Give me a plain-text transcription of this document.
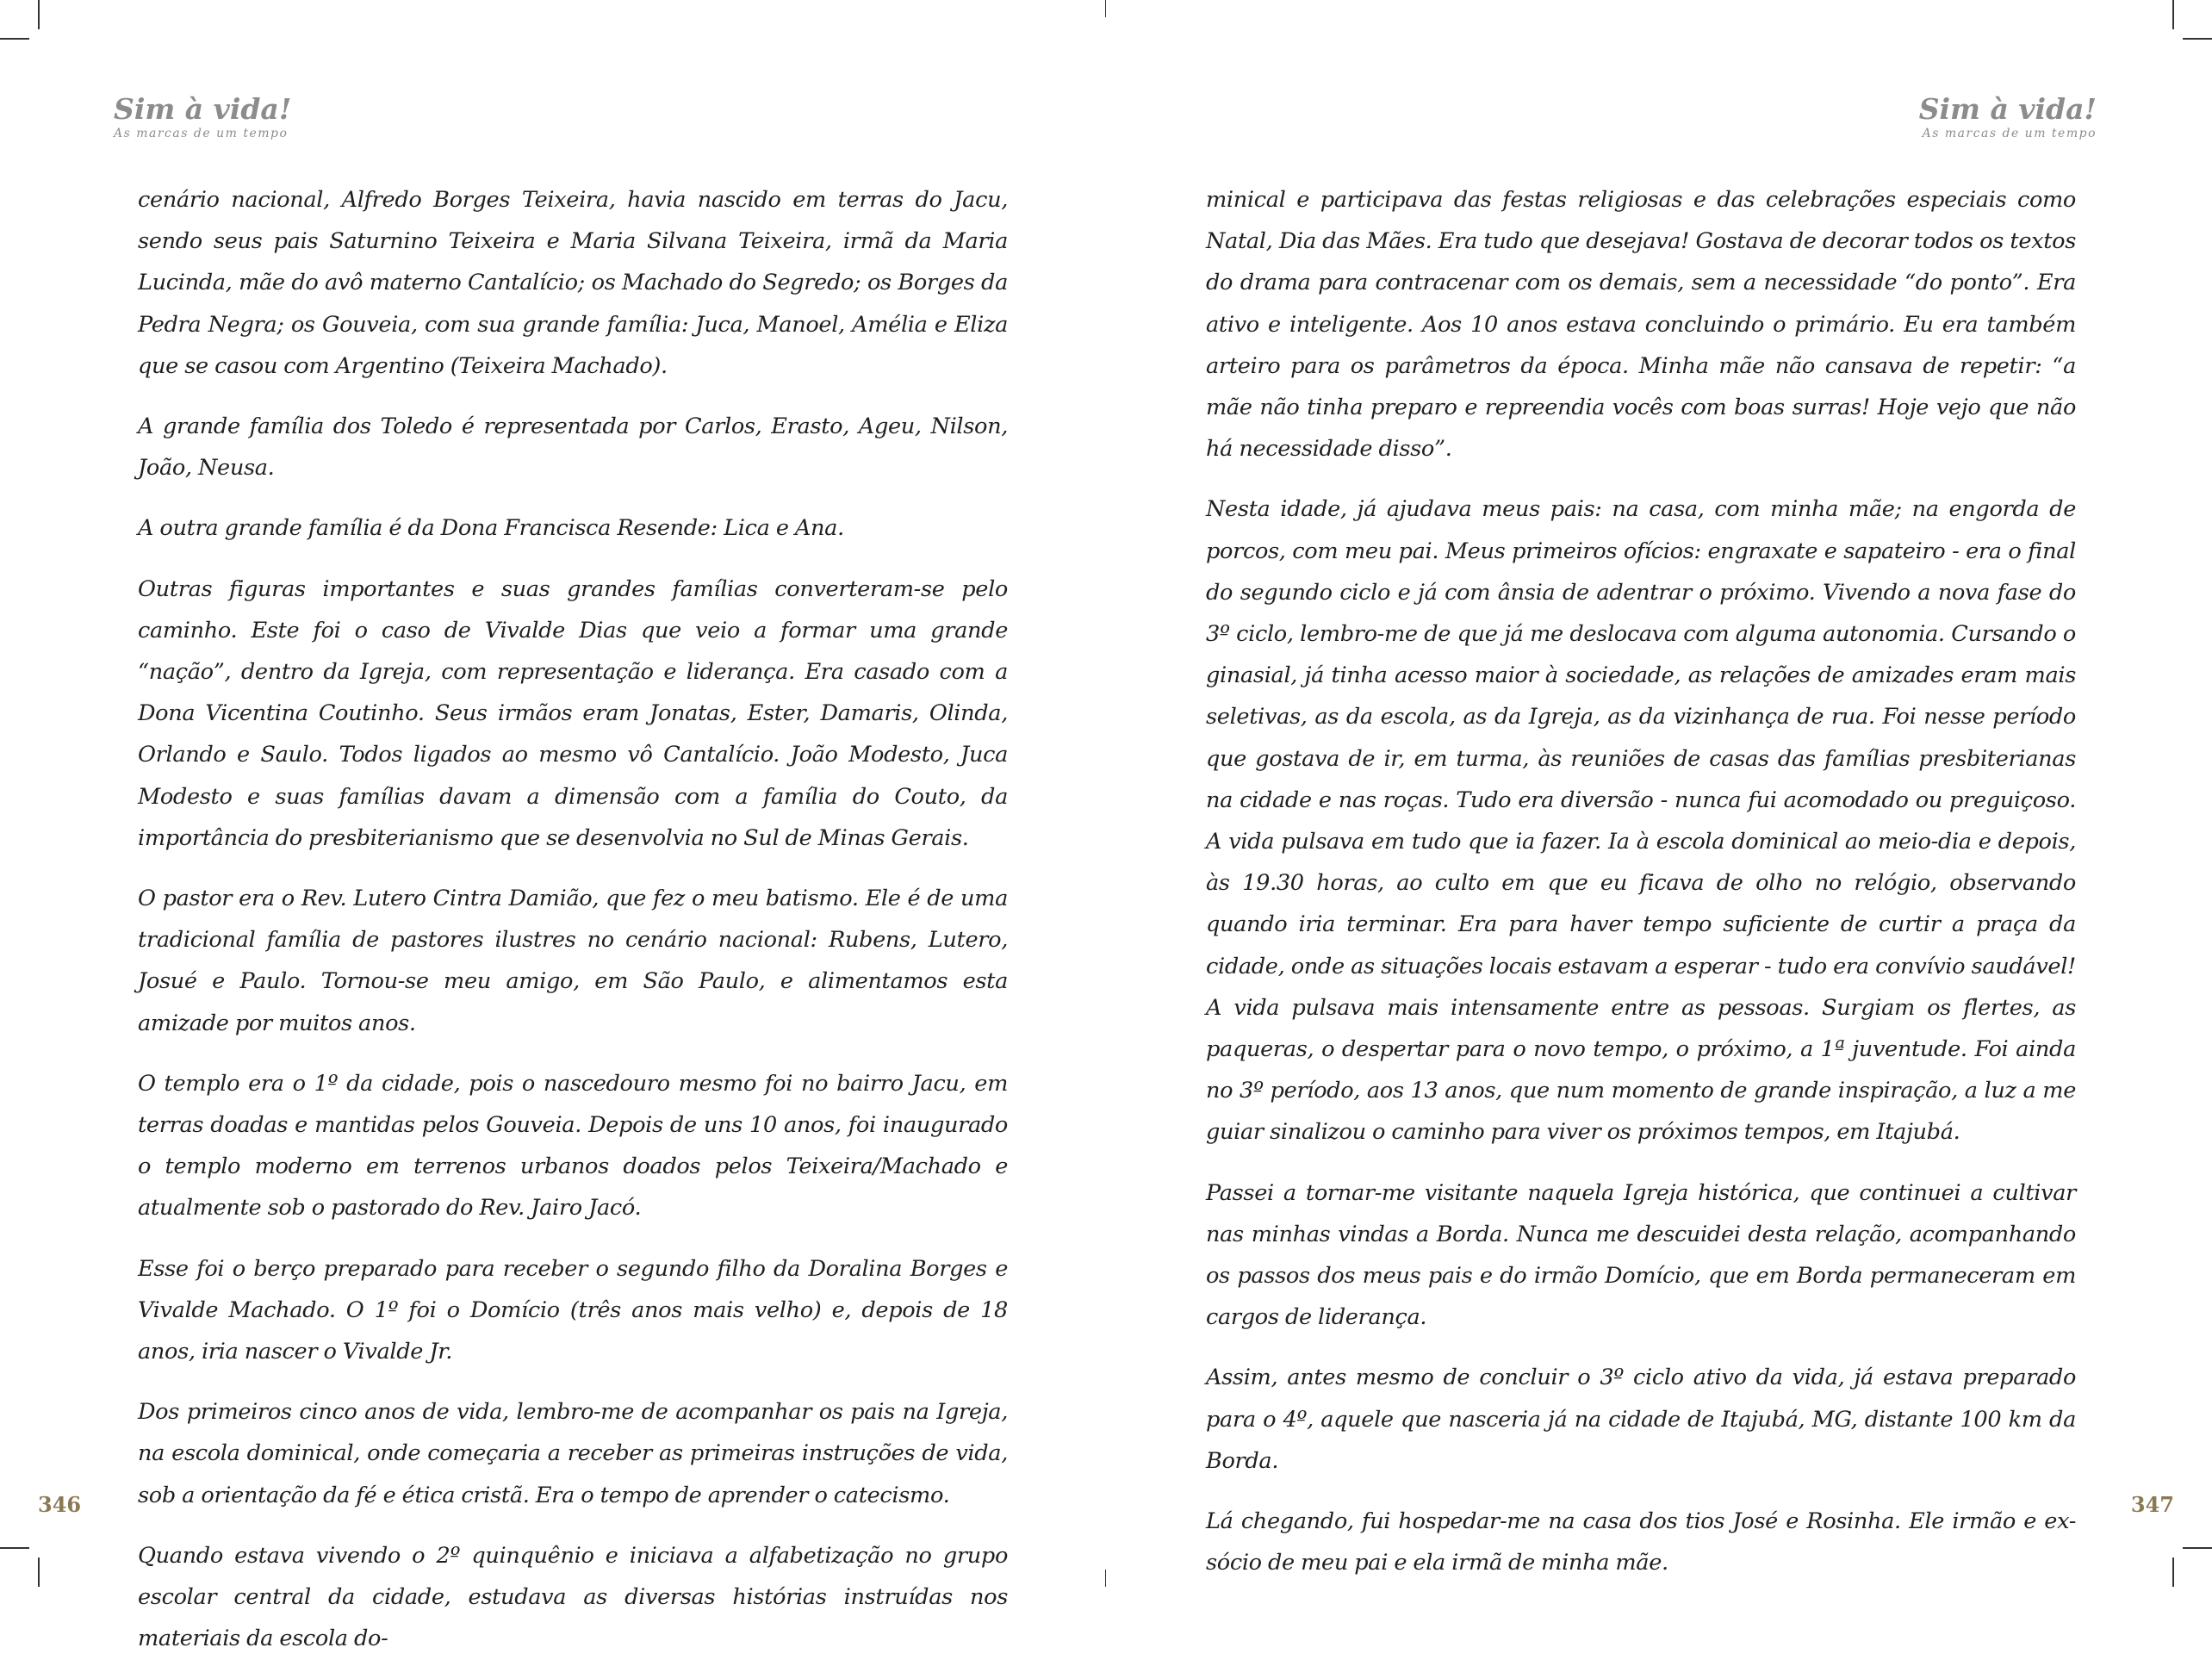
Sim à vida!
As marcas de um tempo

cenário nacional, Alfredo Borges Teixeira, havia nascido em terras do Jacu, sendo seus pais Saturnino Teixeira e Maria Silvana Teixeira, irmã da Maria Lucinda, mãe do avô materno Cantalício; os Machado do Segredo; os Borges da Pedra Negra; os Gouveia, com sua grande família: Juca, Manoel, Amélia e Eliza que se casou com Argentino (Teixeira Machado).

A grande família dos Toledo é representada por Carlos, Erasto, Ageu, Nilson, João, Neusa.

A outra grande família é da Dona Francisca Resende: Lica e Ana.

Outras figuras importantes e suas grandes famílias converteram-se pelo caminho. Este foi o caso de Vivalde Dias que veio a formar uma grande “nação”, dentro da Igreja, com representação e liderança. Era casado com a Dona Vicentina Coutinho. Seus irmãos eram Jonatas, Ester, Damaris, Olinda, Orlando e Saulo. Todos ligados ao mesmo vô Cantalício. João Modesto, Juca Modesto e suas famílias davam a dimensão com a família do Couto, da importância do presbiterianismo que se desenvolvia no Sul de Minas Gerais.

O pastor era o Rev. Lutero Cintra Damião, que fez o meu batismo. Ele é de uma tradicional família de pastores ilustres no cenário nacional: Rubens, Lutero, Josué e Paulo. Tornou-se meu amigo, em São Paulo, e alimentamos esta amizade por muitos anos.

O templo era o 1º da cidade, pois o nascedouro mesmo foi no bairro Jacu, em terras doadas e mantidas pelos Gouveia. Depois de uns 10 anos, foi inaugurado o templo moderno em terrenos urbanos doados pelos Teixeira/Machado e atualmente sob o pastorado do Rev. Jairo Jacó.

Esse foi o berço preparado para receber o segundo filho da Doralina Borges e Vivalde Machado. O 1º foi o Domício (três anos mais velho) e, depois de 18 anos, iria nascer o Vivalde Jr.

Dos primeiros cinco anos de vida, lembro-me de acompanhar os pais na Igreja, na escola dominical, onde começaria a receber as primeiras instruções de vida, sob a orientação da fé e ética cristã. Era o tempo de aprender o catecismo.

Quando estava vivendo o 2º quinquênio e iniciava a alfabetização no grupo escolar central da cidade, estudava as diversas histórias instruídas nos materiais da escola do-

346
Sim à vida!
As marcas de um tempo

minical e participava das festas religiosas e das celebrações especiais como Natal, Dia das Mães. Era tudo que desejava! Gostava de decorar todos os textos do drama para contracenar com os demais, sem a necessidade “do ponto”. Era ativo e inteligente. Aos 10 anos estava concluindo o primário. Eu era também arteiro para os parâmetros da época. Minha mãe não cansava de repetir: “a mãe não tinha preparo e repreendia vocês com boas surras! Hoje vejo que não há necessidade disso”.

Nesta idade, já ajudava meus pais: na casa, com minha mãe; na engorda de porcos, com meu pai. Meus primeiros ofícios: engraxate e sapateiro - era o final do segundo ciclo e já com ânsia de adentrar o próximo. Vivendo a nova fase do 3º ciclo, lembro-me de que já me deslocava com alguma autonomia. Cursando o ginasial, já tinha acesso maior à sociedade, as relações de amizades eram mais seletivas, as da escola, as da Igreja, as da vizinhança de rua. Foi nesse período que gostava de ir, em turma, às reuniões de casas das famílias presbiterianas na cidade e nas roças. Tudo era diversão - nunca fui acomodado ou preguiçoso. A vida pulsava em tudo que ia fazer. Ia à escola dominical ao meio-dia e depois, às 19.30 horas, ao culto em que eu ficava de olho no relógio, observando quando iria terminar. Era para haver tempo suficiente de curtir a praça da cidade, onde as situações locais estavam a esperar - tudo era convívio saudável! A vida pulsava mais intensamente entre as pessoas. Surgiam os flertes, as paqueras, o despertar para o novo tempo, o próximo, a 1ª juventude. Foi ainda no 3º período, aos 13 anos, que num momento de grande inspiração, a luz a me guiar sinalizou o caminho para viver os próximos tempos, em Itajubá.

Passei a tornar-me visitante naquela Igreja histórica, que continuei a cultivar nas minhas vindas a Borda. Nunca me descuidei desta relação, acompanhando os passos dos meus pais e do irmão Domício, que em Borda permaneceram em cargos de liderança.

Assim, antes mesmo de concluir o 3º ciclo ativo da vida, já estava preparado para o 4º, aquele que nasceria já na cidade de Itajubá, MG, distante 100 km da Borda.

Lá chegando, fui hospedar-me na casa dos tios José e Rosinha. Ele irmão e ex-sócio de meu pai e ela irmã de minha mãe.

347
